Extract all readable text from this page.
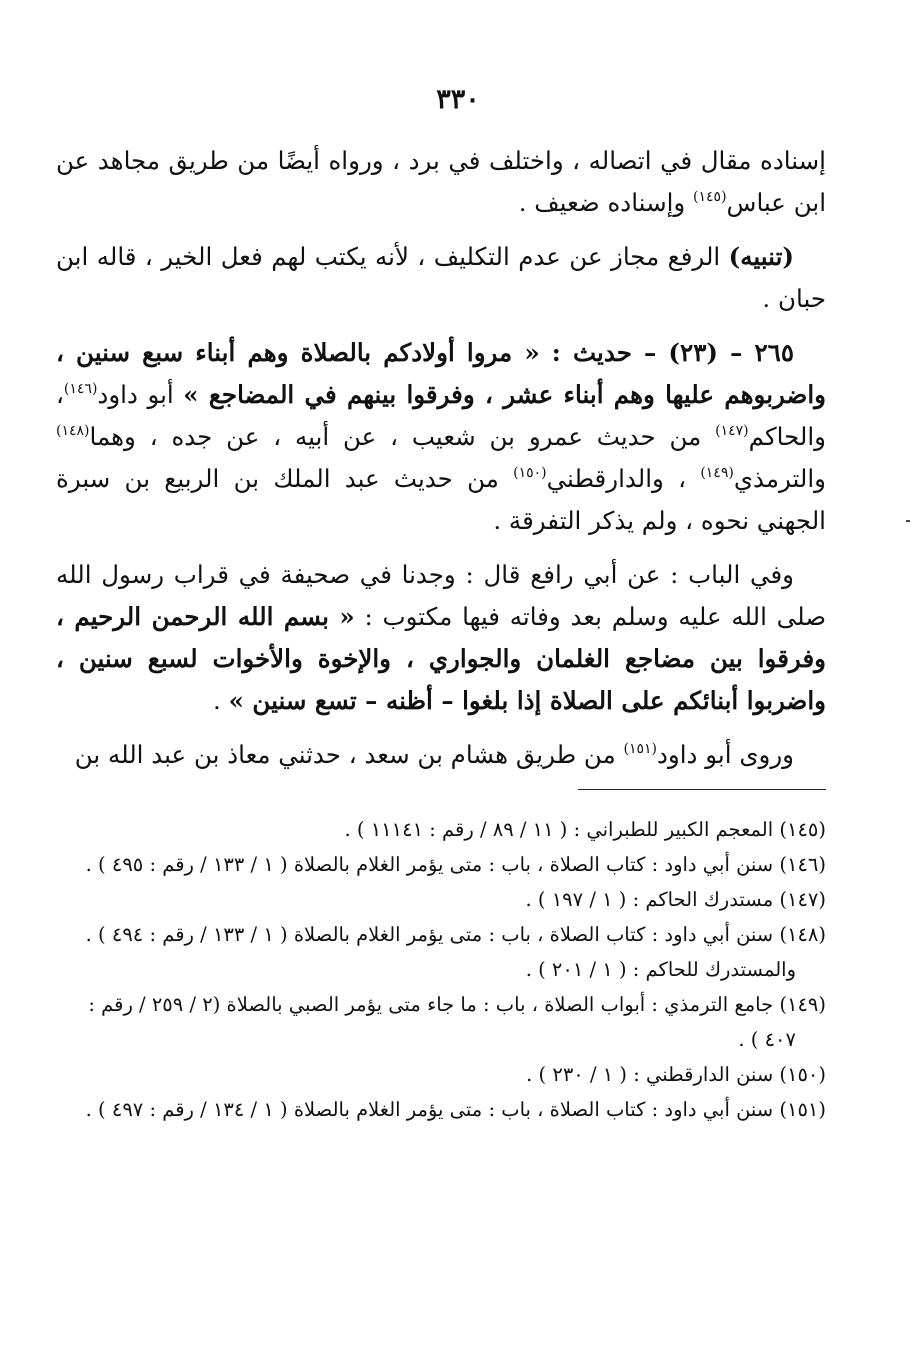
٣٣٠

إسناده مقال في اتصاله ، واختلف في برد ، ورواه أيضًا من طريق مجاهد عن ابن عباس$^{(١٤٥)}$ وإسناده ضعيف .

(تنبيه) الرفع مجاز عن عدم التكليف ، لأنه يكتب لهم فعل الخير ، قاله ابن حبان .

٢٦٥ – (٢٣) – حديث : « مروا أولادكم بالصلاة وهم أبناء سبع سنين ، واضربوهم عليها وهم أبناء عشر ، وفرقوا بينهم في المضاجع » أبو داود$^{(١٤٦)}$، والحاكم$^{(١٤٧)}$ من حديث عمرو بن شعيب ، عن أبيه ، عن جده ، وهما$^{(١٤٨)}$ والترمذي$^{(١٤٩)}$ ، والدارقطني$^{(١٥٠)}$ من حديث عبد الملك بن الربيع بن سبرة الجهني نحوه ، ولم يذكر التفرقة .

وفي الباب : عن أبي رافع قال : وجدنا في صحيفة في قراب رسول الله صلى الله عليه وسلم بعد وفاته فيها مكتوب : « بسم الله الرحمن الرحيم ، وفرقوا بين مضاجع الغلمان والجواري ، والإخوة والأخوات لسبع سنين ، واضربوا أبنائكم على الصلاة إذا بلغوا – أظنه – تسع سنين » .

وروى أبو داود$^{(١٥١)}$ من طريق هشام بن سعد ، حدثني معاذ بن عبد الله بن

(١٤٥) المعجم الكبير للطبراني : ( ١١ / ٨٩ / رقم : ١١١٤١ ) .

(١٤٦) سنن أبي داود : كتاب الصلاة ، باب : متى يؤمر الغلام بالصلاة ( ١ / ١٣٣ / رقم : ٤٩٥ ) .

(١٤٧) مستدرك الحاكم : ( ١ / ١٩٧ ) .

(١٤٨) سنن أبي داود : كتاب الصلاة ، باب : متى يؤمر الغلام بالصلاة ( ١ / ١٣٣ / رقم : ٤٩٤ ) .

والمستدرك للحاكم : ( ١ / ٢٠١ ) .

(١٤٩) جامع الترمذي : أبواب الصلاة ، باب : ما جاء متى يؤمر الصبي بالصلاة (٢ / ٢٥٩ / رقم : ٤٠٧ ) .

(١٥٠) سنن الدارقطني : ( ١ / ٢٣٠ ) .

(١٥١) سنن أبي داود : كتاب الصلاة ، باب : متى يؤمر الغلام بالصلاة ( ١ / ١٣٤ / رقم : ٤٩٧ ) .
